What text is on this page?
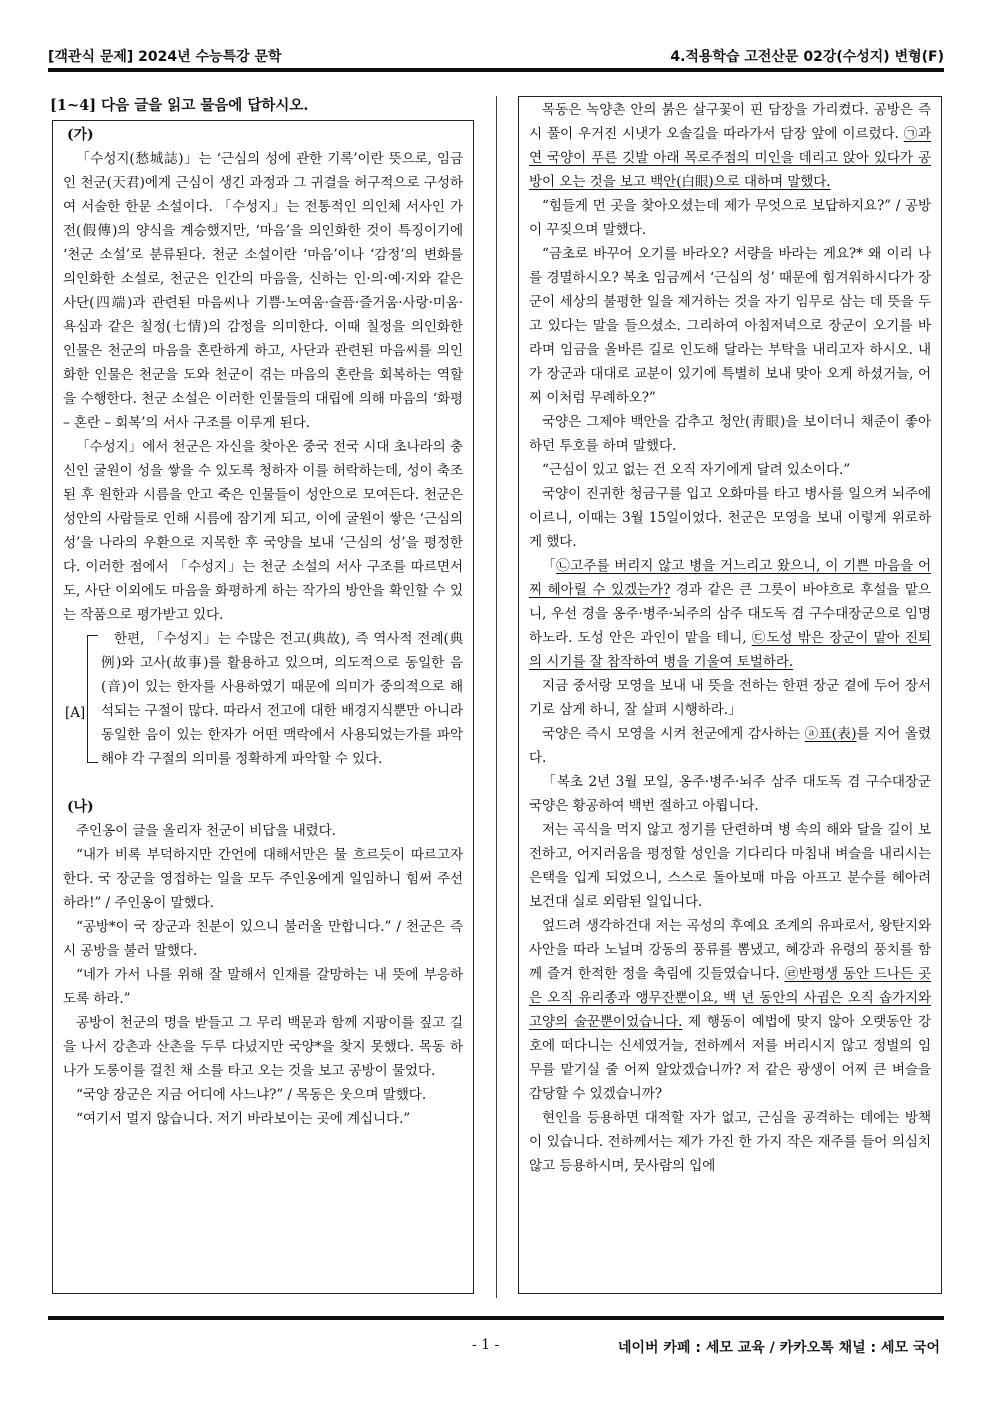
[객관식 문제] 2024년 수능특강 문학	4.적용학습 고전산문 02강(수성지) 변형(F)
[1~4] 다음 글을 읽고 물음에 답하시오.
(가)

「수성지(愁城誌)」는 ‘근심의 성에 관한 기록’이란 뜻으로, 임금인 천군(天君)에게 근심이 생긴 과정과 그 귀결을 허구적으로 구성하여 서술한 한문 소설이다. 「수성지」는 전통적인 의인체 서사인 가전(假傳)의 양식을 계승했지만, ‘마음’을 의인화한 것이 특징이기에 ‘천군 소설’로 분류된다. 천군 소설이란 ‘마음’이나 ‘감정’의 변화를 의인화한 소설로, 천군은 인간의 마음을, 신하는 인·의·예·지와 같은 사단(四端)과 관련된 마음씨나 기쁨·노여움·슬픔·즐거움·사랑·미움·욕심과 같은 칠정(七情)의 감정을 의미한다. 이때 칠정을 의인화한 인물은 천군의 마음을 혼란하게 하고, 사단과 관련된 마음씨를 의인화한 인물은 천군을 도와 천군이 겪는 마음의 혼란을 회복하는 역할을 수행한다. 천군 소설은 이러한 인물들의 대립에 의해 마음의 ‘화평 – 혼란 – 회복’의 서사 구조를 이루게 된다.

「수성지」에서 천군은 자신을 찾아온 중국 전국 시대 초나라의 충신인 굴원이 성을 쌓을 수 있도록 청하자 이를 허락하는데, 성이 축조된 후 원한과 시름을 안고 죽은 인물들이 성안으로 모여든다. 천군은 성안의 사람들로 인해 시름에 잠기게 되고, 이에 굴원이 쌓은 ‘근심의 성’을 나라의 우환으로 지목한 후 국양을 보내 ‘근심의 성’을 평정한다. 이러한 점에서 「수성지」는 천군 소설의 서사 구조를 따르면서도, 사단 이외에도 마음을 화평하게 하는 작가의 방안을 확인할 수 있는 작품으로 평가받고 있다.

[A]

한편, 「수성지」는 수많은 전고(典故), 즉 역사적 전례(典例)와 고사(故事)를 활용하고 있으며, 의도적으로 동일한 음(音)이 있는 한자를 사용하였기 때문에 의미가 중의적으로 해석되는 구절이 많다. 따라서 전고에 대한 배경지식뿐만 아니라 동일한 음이 있는 한자가 어떤 맥락에서 사용되었는가를 파악해야 각 구절의 의미를 정확하게 파악할 수 있다.

(나)

주인옹이 글을 올리자 천군이 비답을 내렸다.

“내가 비록 부덕하지만 간언에 대해서만은 물 흐르듯이 따르고자 한다. 국 장군을 영접하는 일을 모두 주인옹에게 일임하니 힘써 주선하라!” / 주인옹이 말했다.

“공방*이 국 장군과 친분이 있으니 불러올 만합니다.” / 천군은 즉시 공방을 불러 말했다.

“네가 가서 나를 위해 잘 말해서 인재를 갈망하는 내 뜻에 부응하도록 하라.”

공방이 천군의 명을 받들고 그 무리 백문과 함께 지팡이를 짚고 길을 나서 강촌과 산촌을 두루 다녔지만 국양*을 찾지 못했다. 목동 하나가 도롱이를 걸친 채 소를 타고 오는 것을 보고 공방이 물었다.

“국양 장군은 지금 어디에 사느냐?” / 목동은 웃으며 말했다.

“여기서 멀지 않습니다. 저기 바라보이는 곳에 계십니다.”

목동은 녹양촌 안의 붉은 살구꽃이 핀 담장을 가리켰다. 공방은 즉시 풀이 우거진 시냇가 오솔길을 따라가서 담장 앞에 이르렀다. ㉠과연 국양이 푸른 깃발 아래 목로주점의 미인을 데리고 앉아 있다가 공방이 오는 것을 보고 백안(白眼)으로 대하며 말했다.

“힘들게 먼 곳을 찾아오셨는데 제가 무엇으로 보답하지요?” / 공방이 꾸짖으며 말했다.

“금초로 바꾸어 오기를 바라오? 서량을 바라는 게요?* 왜 이리 나를 경멸하시오? 복초 임금께서 ‘근심의 성’ 때문에 힘겨워하시다가 장군이 세상의 불평한 일을 제거하는 것을 자기 임무로 삼는 데 뜻을 두고 있다는 말을 들으셨소. 그리하여 아침저녁으로 장군이 오기를 바라며 임금을 올바른 길로 인도해 달라는 부탁을 내리고자 하시오. 내가 장군과 대대로 교분이 있기에 특별히 보내 맞아 오게 하셨거늘, 어찌 이처럼 무례하오?”

국양은 그제야 백안을 감추고 청안(靑眼)을 보이더니 채준이 좋아하던 투호를 하며 말했다.

“근심이 있고 없는 건 오직 자기에게 달려 있소이다.”

국양이 진귀한 청금구를 입고 오화마를 타고 병사를 일으켜 뇌주에 이르니, 이때는 3월 15일이었다. 천군은 모영을 보내 이렇게 위로하게 했다.

「㉡고주를 버리지 않고 병을 거느리고 왔으니, 이 기쁜 마음을 어찌 헤아릴 수 있겠는가? 경과 같은 큰 그릇이 바야흐로 후설을 맡으니, 우선 경을 옹주·병주·뇌주의 삼주 대도독 겸 구수대장군으로 임명하노라. 도성 안은 과인이 맡을 테니, ㉢도성 밖은 장군이 맡아 진퇴의 시기를 잘 참작하여 병을 기울여 토벌하라.

지금 중서랑 모영을 보내 내 뜻을 전하는 한편 장군 곁에 두어 장서기로 삼게 하니, 잘 살펴 시행하라.」

국양은 즉시 모영을 시켜 천군에게 감사하는 ⓐ표(表)를 지어 올렸다.

「복초 2년 3월 모일, 옹주·병주·뇌주 삼주 대도독 겸 구수대장군 국양은 황공하여 백번 절하고 아룁니다.

저는 곡식을 먹지 않고 정기를 단련하며 병 속의 해와 달을 길이 보전하고, 어지러움을 평정할 성인을 기다리다 마침내 벼슬을 내리시는 은택을 입게 되었으니, 스스로 돌아보매 마음 아프고 분수를 헤아려 보건대 실로 외람된 일입니다.

엎드려 생각하건대 저는 곡성의 후예요 조계의 유파로서, 왕탄지와 사안을 따라 노닐며 강동의 풍류를 뽐냈고, 혜강과 유령의 풍치를 함께 즐겨 한적한 정을 축림에 깃들였습니다. ㉣반평생 동안 드나든 곳은 오직 유리종과 앵무잔뿐이요, 백 년 동안의 사귐은 오직 솝가지와 고양의 술꾼뿐이었습니다. 제 행동이 예법에 맞지 않아 오랫동안 강호에 떠다니는 신세였거늘, 전하께서 저를 버리시지 않고 정벌의 임무를 맡기실 줄 어찌 알았겠습니까? 저 같은 광생이 어찌 큰 벼슬을 감당할 수 있겠습니까?

현인을 등용하면 대적할 자가 없고, 근심을 공격하는 데에는 방책이 있습니다. 전하께서는 제가 가진 한 가지 작은 재주를 들어 의심치 않고 등용하시며, 뭇사람의 입에

- 1 -	네이버 카페 : 세모 교육 / 카카오톡 채널 : 세모 국어
